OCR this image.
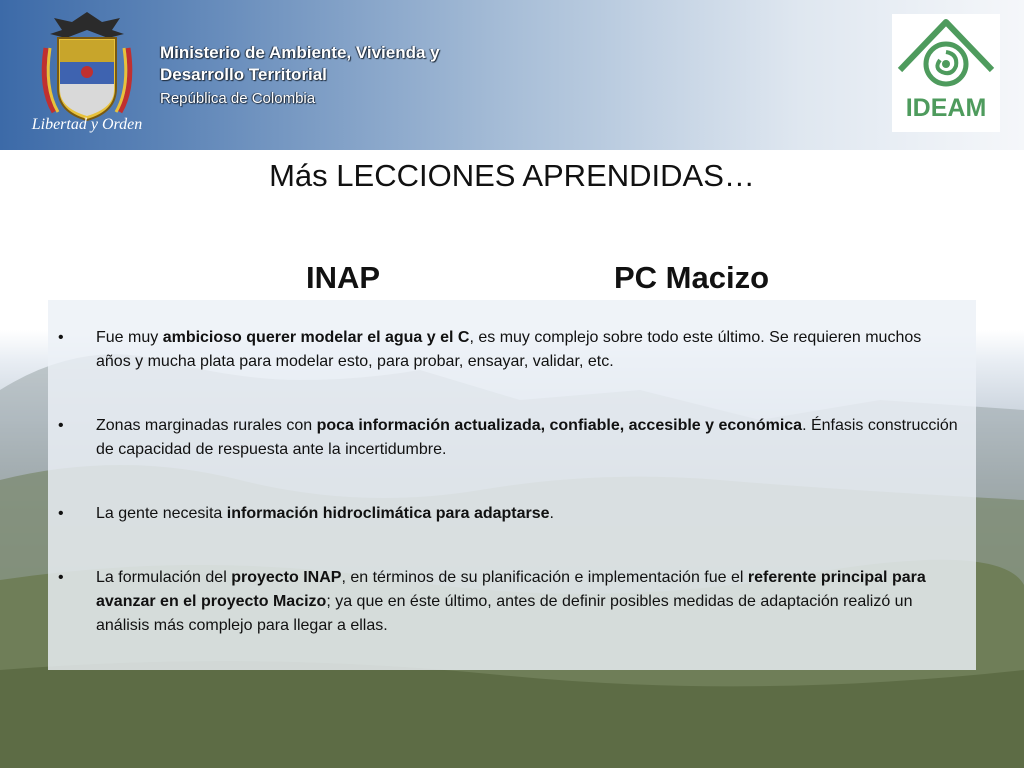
Libertad y Orden
Ministerio de Ambiente, Vivienda y
Desarrollo Territorial
República de Colombia	IDEAM
Más LECCIONES APRENDIDAS…
INAP	PC Macizo
• Fue muy ambicioso querer modelar el agua y el C, es muy complejo sobre todo este último. Se requieren muchos años y mucha plata para modelar esto, para probar, ensayar, validar, etc.
• Zonas marginadas rurales con poca información actualizada, confiable, accesible y económica. Énfasis construcción de capacidad de respuesta ante la incertidumbre.
• La gente necesita información hidroclimática para adaptarse.
• La formulación del proyecto INAP, en términos de su planificación e implementación fue el referente principal para avanzar en el proyecto Macizo; ya que en éste último, antes de definir posibles medidas de adaptación realizó un análisis más complejo para llegar a ellas.
